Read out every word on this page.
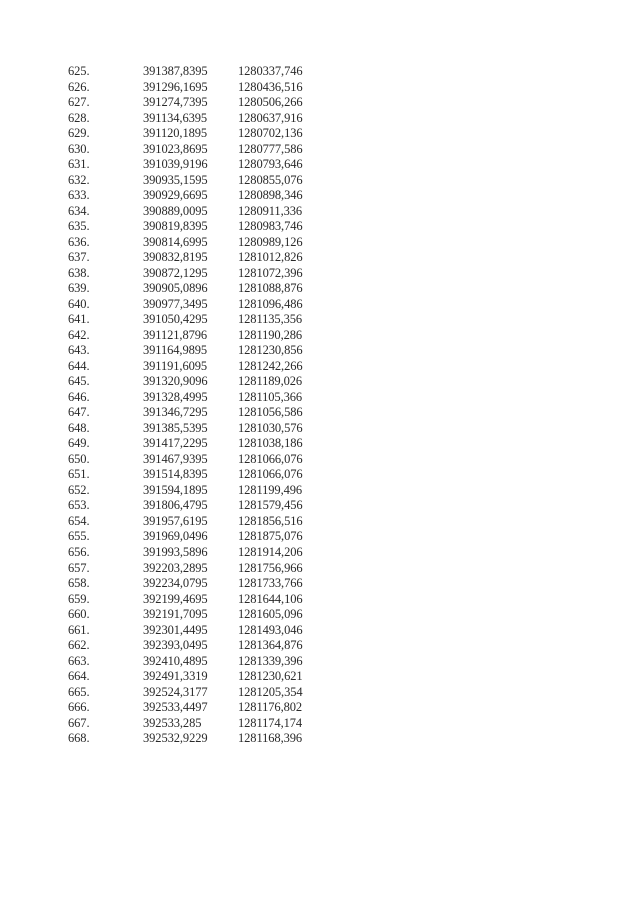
625.	391387,8395 1280337,746
626.	391296,1695 1280436,516
627.	391274,7395 1280506,266
628.	391134,6395 1280637,916
629.	391120,1895 1280702,136
630.	391023,8695 1280777,586
631.	391039,9196 1280793,646
632.	390935,1595 1280855,076
633.	390929,6695 1280898,346
634.	390889,0095 1280911,336
635.	390819,8395 1280983,746
636.	390814,6995 1280989,126
637.	390832,8195 1281012,826
638.	390872,1295 1281072,396
639.	390905,0896 1281088,876
640.	390977,3495 1281096,486
641.	391050,4295 1281135,356
642.	391121,8796 1281190,286
643.	391164,9895 1281230,856
644.	391191,6095 1281242,266
645.	391320,9096 1281189,026
646.	391328,4995 1281105,366
647.	391346,7295 1281056,586
648.	391385,5395 1281030,576
649.	391417,2295 1281038,186
650.	391467,9395 1281066,076
651.	391514,8395 1281066,076
652.	391594,1895 1281199,496
653.	391806,4795 1281579,456
654.	391957,6195 1281856,516
655.	391969,0496 1281875,076
656.	391993,5896 1281914,206
657.	392203,2895 1281756,966
658.	392234,0795 1281733,766
659.	392199,4695 1281644,106
660.	392191,7095 1281605,096
661.	392301,4495 1281493,046
662.	392393,0495 1281364,876
663.	392410,4895 1281339,396
664.	392491,3319 1281230,621
665.	392524,3177 1281205,354
666.	392533,4497 1281176,802
667.	392533,285	1281174,174
668.	392532,9229 1281168,396
